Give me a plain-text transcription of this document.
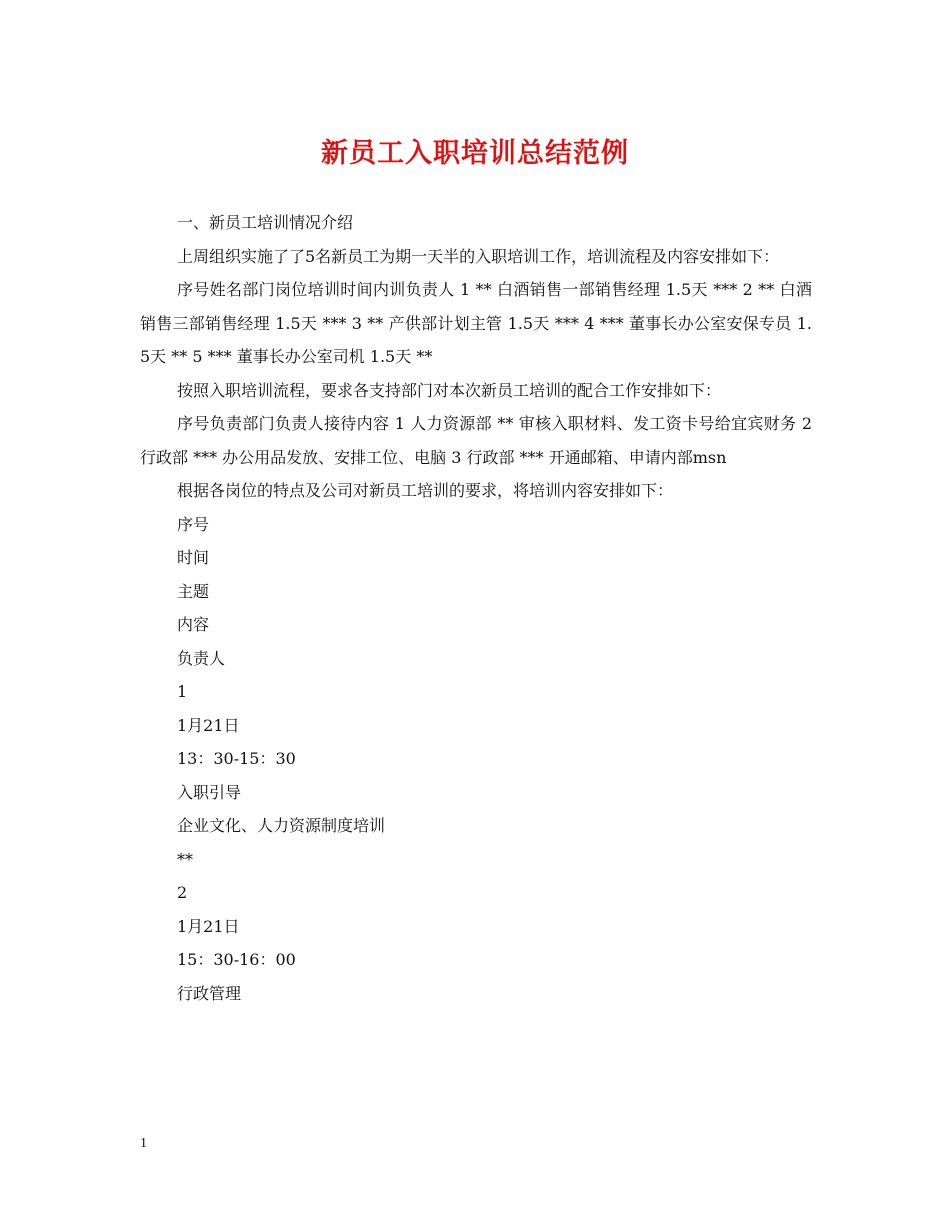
新员工入职培训总结范例

一、新员工培训情况介绍

上周组织实施了了5名新员工为期一天半的入职培训工作，培训流程及内容安排如下：

序号姓名部门岗位培训时间内训负责人 1 ** 白酒销售一部销售经理 1.5天 *** 2 ** 白酒销售三部销售经理 1.5天 *** 3 ** 产供部计划主管 1.5天 *** 4 *** 董事长办公室安保专员 1.5天 ** 5 *** 董事长办公室司机 1.5天 **

按照入职培训流程，要求各支持部门对本次新员工培训的配合工作安排如下：

序号负责部门负责人接待内容 1 人力资源部 ** 审核入职材料、发工资卡号给宜宾财务 2 行政部 *** 办公用品发放、安排工位、电脑 3 行政部 *** 开通邮箱、申请内部msn

根据各岗位的特点及公司对新员工培训的要求，将培训内容安排如下：

序号

时间

主题

内容

负责人

1

1月21日

13：30-15：30

入职引导

企业文化、人力资源制度培训

**

2

1月21日

15：30-16：00

行政管理

1
